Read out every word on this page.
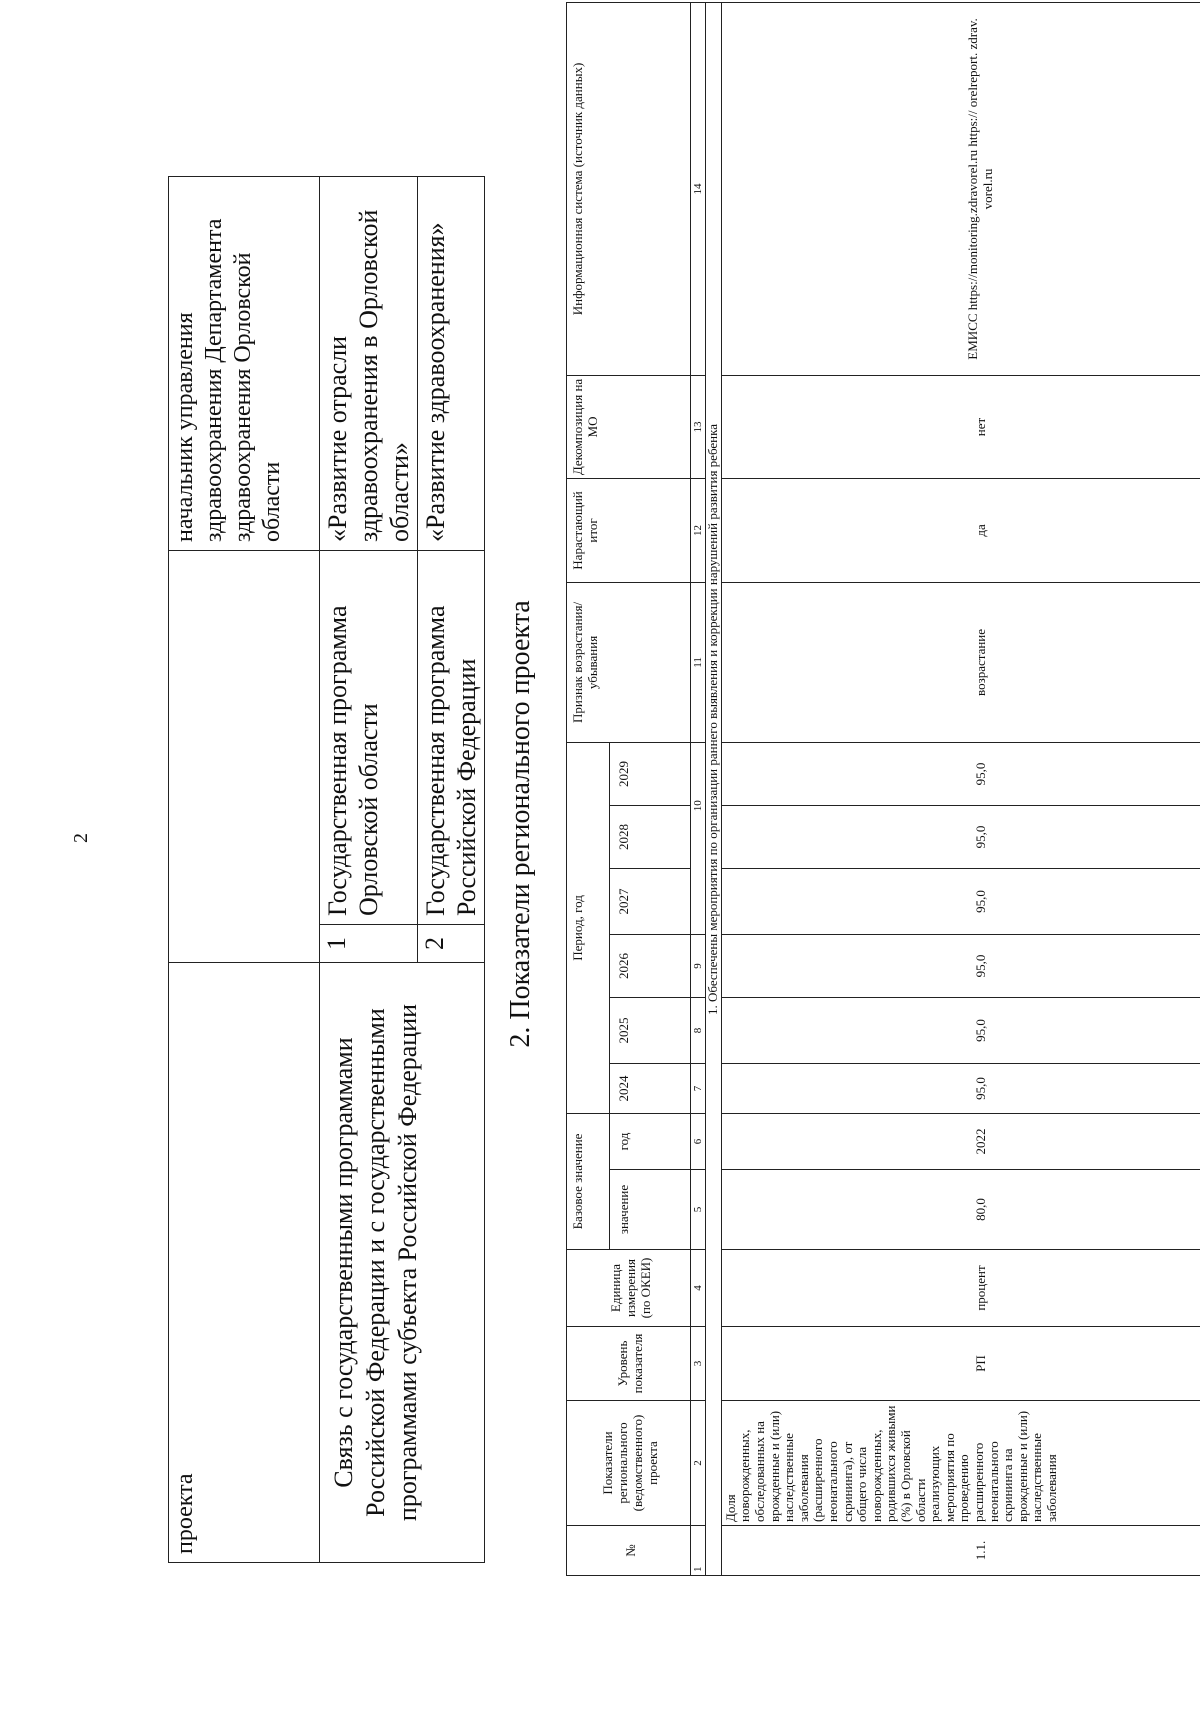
2
проекта			начальник управления здравоохранения Департамента здравоохранения Орловской области
Связь с государственными программами Российской Федерации и с государственными программами субъекта Российской Федерации	1	Государственная программа Орловской области	«Развитие отрасли здравоохранения в Орловской области»
	2	Государственная программа Российской Федерации	«Развитие здравоохранения»
2. Показатели регионального проекта
№	Показатели регионального (ведомственного) проекта	Уровень показателя	Единица измерения (по ОКЕИ)	Базовое значение		Период, год						Признак возрастания/убывания	Нарастающий итог	Декомпозиция на МО	Информационная система (источник данных)
				значение	год	2024	2025	2026	2027	2028	2029				
1	2	3	4	5	6	7	8	9		10		11	12	13	14
1. Обеспечены мероприятия по организации раннего выявления и коррекции нарушений развития ребенка															
1.1.	Доля новорожденных, обследованных на врожденные и (или) наследственные заболевания (расширенного неонатального скрининга), от общего числа новорожденных, родившихся живыми (%) в Орловской области реализующих мероприятия по проведению расширенного неонатального скрининга на врожденные и (или) наследственные заболевания	РП	процент	80,0	2022	95,0	95,0	95,0	95,0	95,0	95,0	возрастание	да	нет	ЕМИСС https://monitoring.zdravorel.ru https:// orelreport. zdrav. vorel.ru
